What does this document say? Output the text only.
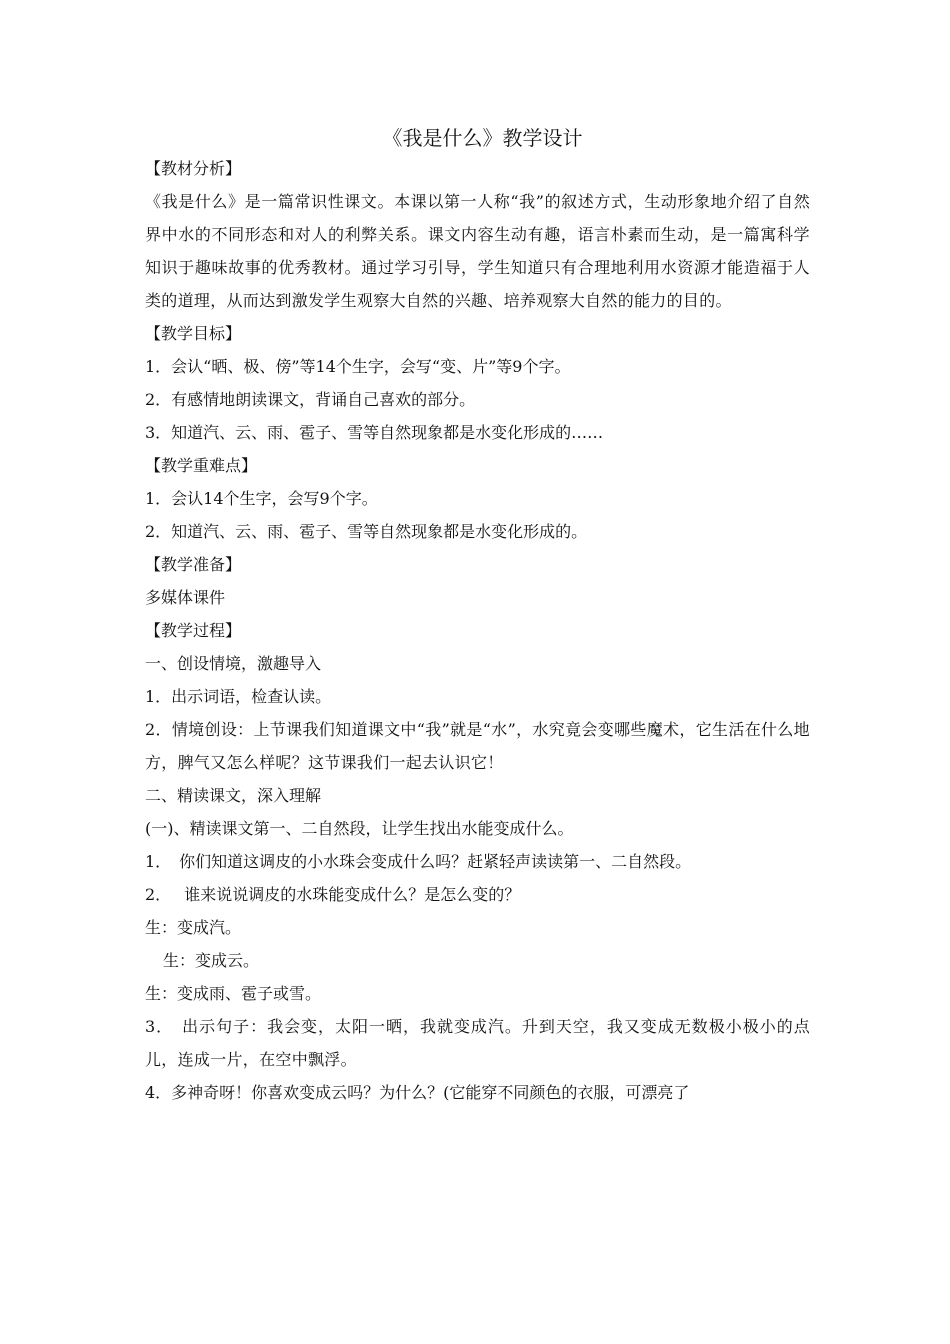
《我是什么》教学设计
【教材分析】
《我是什么》是一篇常识性课文。本课以第一人称“我”的叙述方式，生动形象地介绍了自然界中水的不同形态和对人的利弊关系。课文内容生动有趣，语言朴素而生动，是一篇寓科学知识于趣味故事的优秀教材。通过学习引导，学生知道只有合理地利用水资源才能造福于人类的道理，从而达到激发学生观察大自然的兴趣、培养观察大自然的能力的目的。
【教学目标】
1．会认“晒、极、傍”等14个生字，会写“变、片”等9个字。
2．有感情地朗读课文，背诵自己喜欢的部分。
3．知道汽、云、雨、雹子、雪等自然现象都是水变化形成的……
【教学重难点】
1．会认14个生字，会写9个字。
2．知道汽、云、雨、雹子、雪等自然现象都是水变化形成的。
【教学准备】
多媒体课件
【教学过程】
一、创设情境，激趣导入
1．出示词语，检查认读。
2．情境创设：上节课我们知道课文中“我”就是“水”，水究竟会变哪些魔术，它生活在什么地方，脾气又怎么样呢？这节课我们一起去认识它！
二、精读课文，深入理解
(一)、精读课文第一、二自然段，让学生找出水能变成什么。
1．　你们知道这调皮的小水珠会变成什么吗？赶紧轻声读读第一、二自然段。
2．　 谁来说说调皮的水珠能变成什么？是怎么变的？
生：变成汽。
生：变成云。
生：变成雨、雹子或雪。
3．　出示句子：我会变，太阳一晒，我就变成汽。升到天空，我又变成无数极小极小的点儿，连成一片，在空中飘浮。
4．多神奇呀！你喜欢变成云吗？为什么？(它能穿不同颜色的衣服，可漂亮了
